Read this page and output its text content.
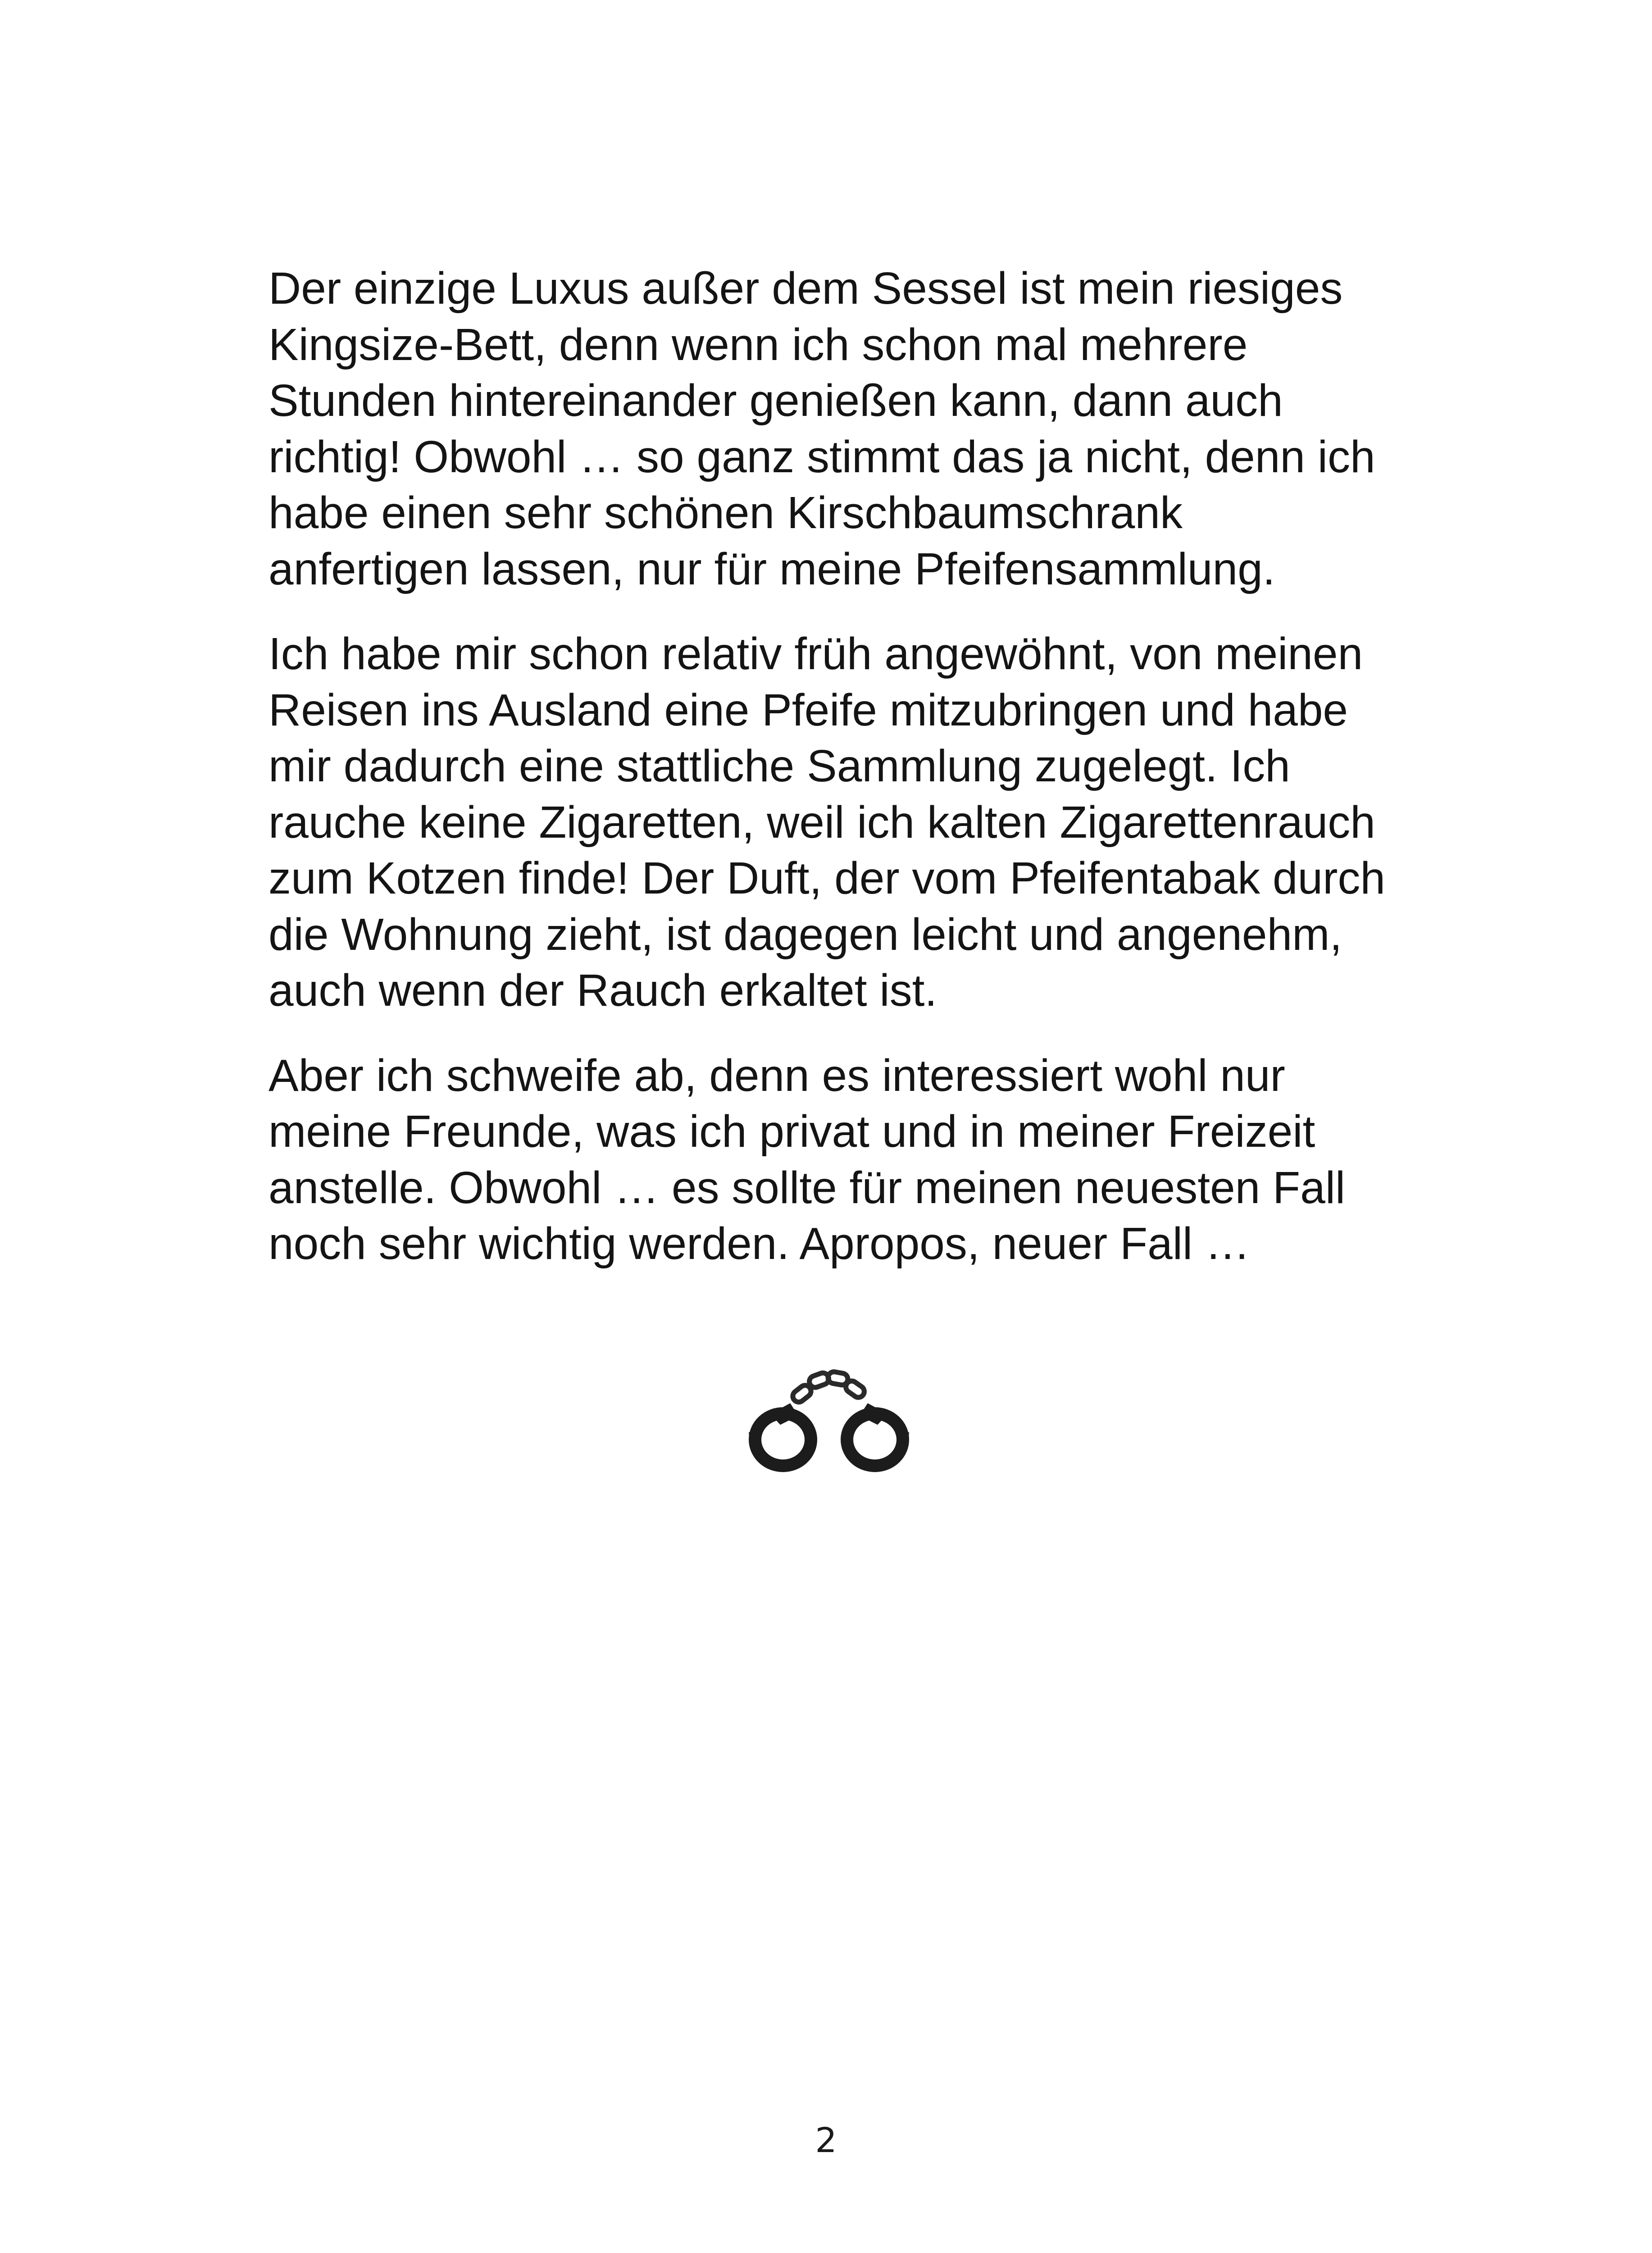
Der einzige Luxus außer dem Sessel ist mein riesiges
Kingsize-Bett, denn wenn ich schon mal mehrere
Stunden hintereinander genießen kann, dann auch
richtig! Obwohl … so ganz stimmt das ja nicht, denn ich
habe einen sehr schönen Kirschbaumschrank
anfertigen lassen, nur für meine Pfeifensammlung.

Ich habe mir schon relativ früh angewöhnt, von meinen
Reisen ins Ausland eine Pfeife mitzubringen und habe
mir dadurch eine stattliche Sammlung zugelegt. Ich
rauche keine Zigaretten, weil ich kalten Zigarettenrauch
zum Kotzen finde! Der Duft, der vom Pfeifentabak durch
die Wohnung zieht, ist dagegen leicht und angenehm,
auch wenn der Rauch erkaltet ist.

Aber ich schweife ab, denn es interessiert wohl nur
meine Freunde, was ich privat und in meiner Freizeit
anstelle. Obwohl … es sollte für meinen neuesten Fall
noch sehr wichtig werden. Apropos, neuer Fall …

2
